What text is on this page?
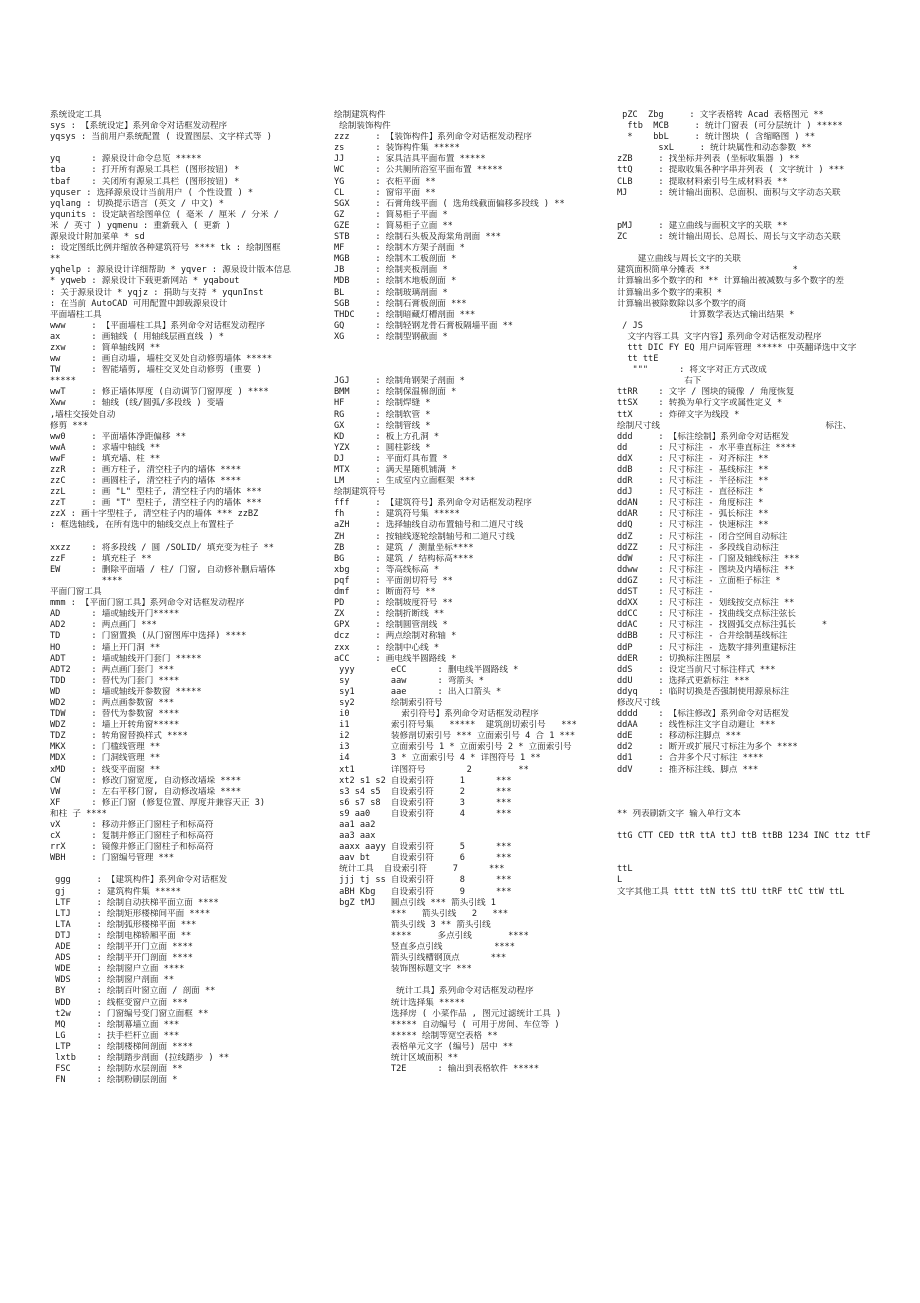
系统设定工具
sys : 【系统设定】系列命令对话框发动程序
yqsys : 当前用户系统配置 ( 设置图层、文字样式等 )
yq      : 源泉设计命令总览 *****
tba     : 打开所有源泉工具栏 (图形按钮) *
tbaf    : 关闭所有源泉工具栏 (图形按钮) *
yquser : 选择源泉设计当前用户 ( 个性设置 ) *
yqlang : 切换提示语言 (英文 / 中文) *
yqunits : 设定缺省绘图单位 ( 毫米 / 厘米 / 分米 /
米 / 英寸 ) yqmenu : 重新载入 ( 更新 )
源泉设计附加菜单 * sd
: 设定图纸比例并缩放各种建筑符号 **** tk : 绘制图框
**
yqhelp : 源泉设计详细帮助 * yqver : 源泉设计版本信息
* yqweb : 源泉设计下载更新网站 * yqabout
: 关于源泉设计 * yqjz : 捐助与支持 * yqunInst
: 在当前 AutoCAD 可用配置中卸载源泉设计
平面墙柱工具
www     : 【平面墙柱工具】系列命令对话框发动程序
ax      : 画轴线 ( 用轴线层画直线 ) *
zxw     : 简单轴线网 **
ww      : 画自动墙, 墙柱交叉处自动修剪墙体 *****
TW      : 智能墙剪, 墙柱交叉处自动修剪 (重要 )
*****
wwT     : 修正墙体厚度 (自动调节门窗厚度 ) ****
Xww     : 轴线 (线/圆弧/多段线 ) 变墙
,墙柱交接处自动
修剪 ***
ww0     : 平面墙体净距偏移 **
wwA     : 求墙中轴线 **
wwF     : 填充墙、柱 **
zzR     : 画方柱子, 清空柱子内的墙体 ****
zzC     : 画圆柱子, 清空柱子内的墙体 ****
zzL     : 画 "L" 型柱子, 清空柱子内的墙体 ***
zzT     : 画 "T" 型柱子, 清空柱子内的墙体 ***
zzX : 画十字型柱子, 清空柱子内的墙体 *** zzBZ
: 框选轴线, 在所有选中的轴线交点上布置柱子
xxzz    : 将多段线 / 圆 /SOLID/ 填充变为柱子 **
zzF     : 填充柱子 **
EW      : 删除平面墙 / 柱/ 门窗, 自动修补删后墙体
****
平面门窗工具
mmm : 【平面门窗工具】系列命令对话框发动程序
AD      : 墙或轴线开门*****
AD2     : 两点画门 ***
TD      : 门窗置换 (从门窗图库中选择) ****
HO      : 墙上开门洞 **
ADT     : 墙或轴线开门套门 *****
ADT2    : 两点画门套门 ***
TDD     : 替代为门套门 ****
WD      : 墙或轴线开参数窗 *****
WD2     : 两点画参数窗 ***
TDW     : 替代为参数窗 ****
WDZ     : 墙上开转角窗*****
TDZ     : 转角窗替换样式 ****
MKX     : 门槛线管理 **
MDX     : 门洞线管理 **
xMD     : 线变平面窗 **
CW      : 修改门窗宽度, 自动修改墙垛 ****
VW      : 左右平移门窗, 自动修改墙垛 ****
XF      : 修正门窗 (修复位置、厚度并兼容天正 3)
和柱 子 ****
vX      : 移动并修正门窗柱子和标高符
cX      : 复制并修正门窗柱子和标高符
rrX     : 镜像并修正门窗柱子和标高符
WBH     : 门窗编号管理 ***
ggg     : 【建筑构件】系列命令对话框发
gj      : 建筑构件集 *****
LTF     : 绘制自动扶梯平面立面 ****
LTJ     : 绘制矩形楼梯间平面 ****
LTA     : 绘制弧形楼梯平面 ***
DTJ     : 绘制电梯轿厢平面 **
ADE     : 绘制平开门立面 ****
ADS     : 绘制平开门剖面 ****
WDE     : 绘制窗户立面 ****
WDS     : 绘制窗户剖面 **
BY      : 绘制百叶窗立面 / 剖面 **
WDD     : 线框变窗户立面 ***
t2w     : 门窗编号变门窗立面框 **
MQ      : 绘制幕墙立面 ***
LG      : 扶手栏杆立面 ***
LTP     : 绘制楼梯间剖面 ****
lxtb    : 绘制踏步剖面 (拉线踏步 ) **
FSC     : 绘制防水层剖面 **
FN      : 绘制粉刷层剖面 *
绘制建筑构件
绘制装饰构件
zzz     : 【装饰构件】系列命令对话框发动程序
zs      : 装饰构件集 *****
JJ      : 家具洁具平面布置 *****
WC      : 公共厕所浴室平面布置 *****
YG      : 衣柜平面 **
CL      : 窗帘平面 **
SGX     : 石膏角线平面 ( 选角线截面偏移多段线 ) **
GZ      : 简易柜子平面 *
GZE     : 简易柜子立面 **
STB     : 绘制石头板及海棠角剖面 ***
MF      : 绘制木方架子剖面 *
MGB     : 绘制木工板剖面 *
JB      : 绘制夹板剖面 *
MDB     : 绘制木地板剖面 *
BL      : 绘制玻璃剖面 *
SGB     : 绘制石膏板剖面 ***
THDC    : 绘制暗藏灯槽剖面 ***
GQ      : 绘制轻钢龙骨石膏板隔墙平面 **
XG      : 绘制型钢截面 *
JGJ     : 绘制角钢架子剖面 *
BMM     : 绘制保温棉剖面 *
HF      : 绘制焊缝 *
RG      : 绘制软管 *
GX      : 绘制管线 *
KD      : 板上方孔洞 *
YZX     : 圆柱影线 *
DJ      : 平面灯具布置 *
MTX     : 满天星随机铺满 *
LM      : 生成室内立面框架 ***
绘制建筑符号
fff     : 【建筑符号】系列命令对话框发动程序
fh      : 建筑符号集 *****
aZH     : 选择轴线自动布置轴号和二道尺寸线
ZH      : 按轴线逐轮绘制轴号和二道尺寸线
ZB      : 建筑 / 测量坐标****
BG      : 建筑 / 结构标高****
xbg     : 等高线标高 *
pqf     : 平面剖切符号 **
dmf     : 断面符号 **
PD      : 绘制坡度符号 **
ZX      : 绘制折断线 **
GPX     : 绘制圆管剖线 *
dcz     : 两点绘制对称轴 *
zxx     : 绘制中心线 *
aCC     : 画电线半圆路线 *
yyy       eCC      : 删电线半圆路线 *
sy        aaw      : 弯箭头 *
sy1       aae      : 出入口箭头 *
sy2       绘制索引符号
i0          索引符号】系列命令对话框发动程序
i1        索引符号集   *****  建筑剖切索引号   ***
i2        装修剖切索引号 *** 立面索引号 4 合 1 ***
i3        立面索引号 1 * 立面索引号 2 * 立面索引号
i4        3 * 立面索引号 4 * 详图符号 1 **
xt1       详图符号        2         **
xt2 s1 s2 自设索引符     1      ***
s3 s4 s5  自设索引符     2      ***
s6 s7 s8  自设索引符     3      ***
s9 aa0    自设索引符     4      ***
aa1 aa2
aa3 aax
aaxx aayy 自设索引符     5      ***
aav bt    自设索引符     6      ***
统计工具  自设索引符     7      ***
jjj tj ss 自设索引符     8      ***
aBH Kbg   自设索引符     9      ***
bgZ tMJ   圆点引线 *** 箭头引线 1
***   箭头引线   2   ***
箭头引线 3 ** 箭头引线
****     多点引线       ****
竖直多点引线          ****
箭头引线槽钢顶点      ***
装饰图标题文字 ***
统计工具】系列命令对话框发动程序
统计选择集 *****
选择房 ( 小菜作品 , 图元过滤统计工具 )
***** 自动编号 ( 可用于房间、车位等 )
***** 绘制等宽空表格 **
表格单元文字 (编号) 居中 **
统计区域面积 **
T2E      : 输出到表格软件 *****
pZC  Zbg     : 文字表格转 Acad 表格图元 **
ftb  MCB     : 统计门窗表 (可分层统计 ) *****
*    bbL     : 统计图块 ( 含缩略图 ) **
sxL     : 统计块属性和动态参数 **
zZB     : 找坐标并列表 (坐标收集器 ) **
ttQ     : 提取收集各种字串并列表 ( 文字统计 ) ***
CLB     : 提取材料索引号生成材料表 **
MJ      : 统计输出面积、总面积、面积与文字动态关联
pMJ     : 建立曲线与面积文字的关联 **
ZC      : 统计输出周长、总周长、周长与文字动态关联
建立曲线与周长文字的关联
建筑面积简单分摊表 **                *
计算输出多个数字的和 ** 计算输出被减数与多个数字的差
计算输出多个数字的乘积 *
计算输出被除数除以多个数字的商
计算数学表达式输出结果 *
/ JS
文字内容工具 文字内容】系列命令对话框发动程序
ttt DIC FY EQ 用户词库管理 ***** 中英翻译选中文字
tt ttE
"""      : 将文字对正方式改成
右下
ttRR    : 文字 / 图块的镜像 / 角度恢复
ttSX    : 转换为单行文字或属性定义 *
ttX     : 炸碎文字为线段 *
绘制尺寸线                                标注、
ddd     : 【标注绘制】系列命令对话框发
dd      : 尺寸标注 - 水平垂直标注 ****
ddX     : 尺寸标注 - 对齐标注 **
ddB     : 尺寸标注 - 基线标注 **
ddR     : 尺寸标注 - 半径标注 **
ddJ     : 尺寸标注 - 直径标注 *
ddAN    : 尺寸标注 - 角度标注 *
ddAR    : 尺寸标注 - 弧长标注 **
ddQ     : 尺寸标注 - 快速标注 **
ddZ     : 尺寸标注 - 闭合空间自动标注
ddZZ    : 尺寸标注 - 多段线自动标注
ddW     : 尺寸标注 - 门窗及轴线标注 ***
ddww    : 尺寸标注 - 图块及内墙标注 **
ddGZ    : 尺寸标注 - 立面柜子标注 *
ddST    : 尺寸标注 -
ddXX    : 尺寸标注 - 划线按交点标注 **
ddCC    : 尺寸标注 - 找曲线交点标注弦长
ddAC    : 尺寸标注 - 找圆弧交点标注弧长     *
ddBB    : 尺寸标注 - 合并绘制基线标注
ddP     : 尺寸标注 - 选数字排列重建标注
ddER    : 切换标注图层 *
ddS     : 设定当前尺寸标注样式 ***
ddU     : 选择式更新标注 ***
ddyq    : 临时切换是否强制使用源泉标注
修改尺寸线
dddd    : 【标注修改】系列命令对话框发
ddAA    : 线性标注文字自动避让 ***
ddE     : 移动标注脚点 ***
dd2     : 断开或扩展尺寸标注为多个 ****
dd1     : 合并多个尺寸标注 ****
ddV     : 推齐标注线、脚点 ***
** 列表刷新文字 输入单行文本
ttG CTT CED ttR ttA ttJ ttB ttBB 1234 INC ttz ttF
ttL
L
文字其他工具 tttt ttN ttS ttU ttRF ttC ttW ttL
